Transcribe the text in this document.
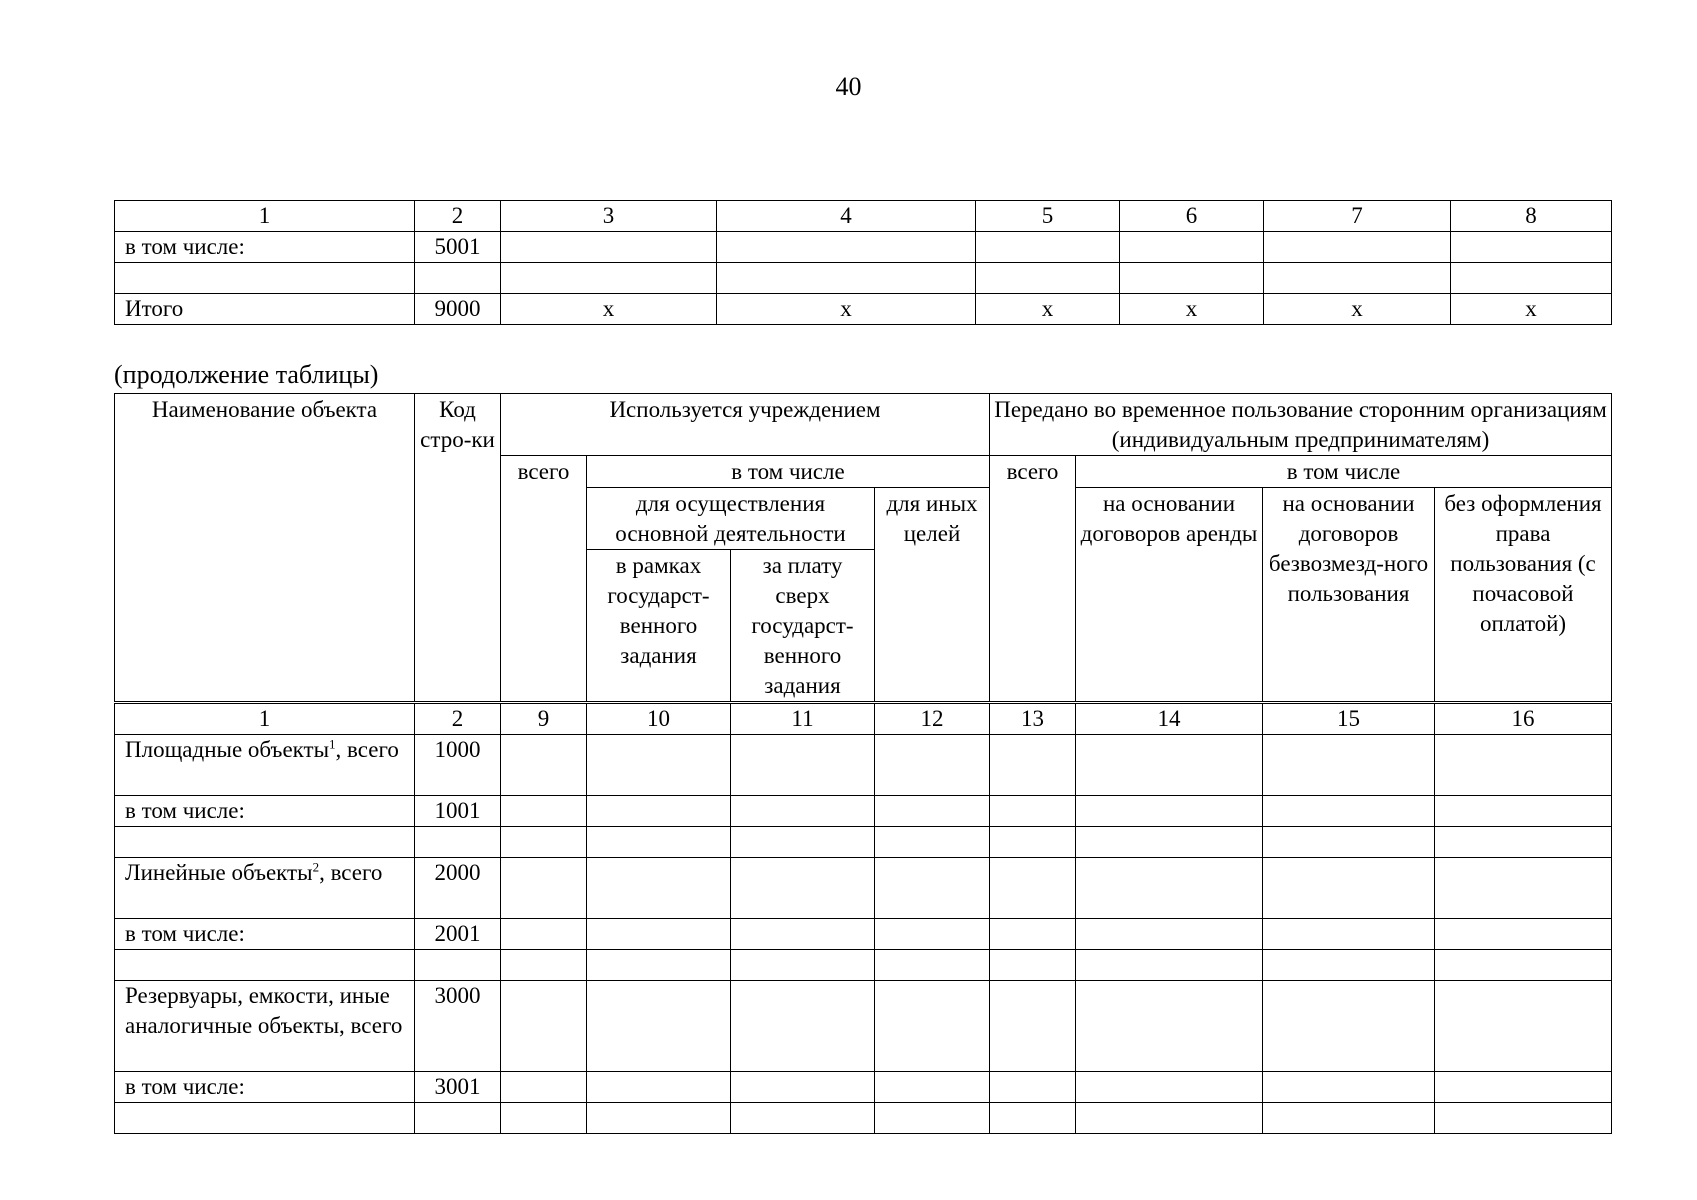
40
1	2	3	4	5	6	7	8
в том числе:	5001						

Итого	9000	х	х	х	х	х	х
(продолжение таблицы)
Наименование объекта	Код стро-ки	Используется учреждением				Передано во временное пользование сторонним организациям (индивидуальным предпринимателям)			
		всего	в том числе			всего	в том числе		
			для осуществления основной деятельности		для иных целей		на основании договоров аренды	на основании договоров безвозмезд-ного пользования	без оформления права пользования (с почасовой оплатой)
			в рамках государст-венного задания	за плату сверх государст-венного задания					
1	2	9	10	11	12	13	14	15	16
Площадные объекты$^1$, всего	1000								
в том числе:	1001								

Линейные объекты$^2$, всего	2000								
в том числе:	2001								

Резервуары, емкости, иные аналогичные объекты, всего	3000								
в том числе:	3001								
